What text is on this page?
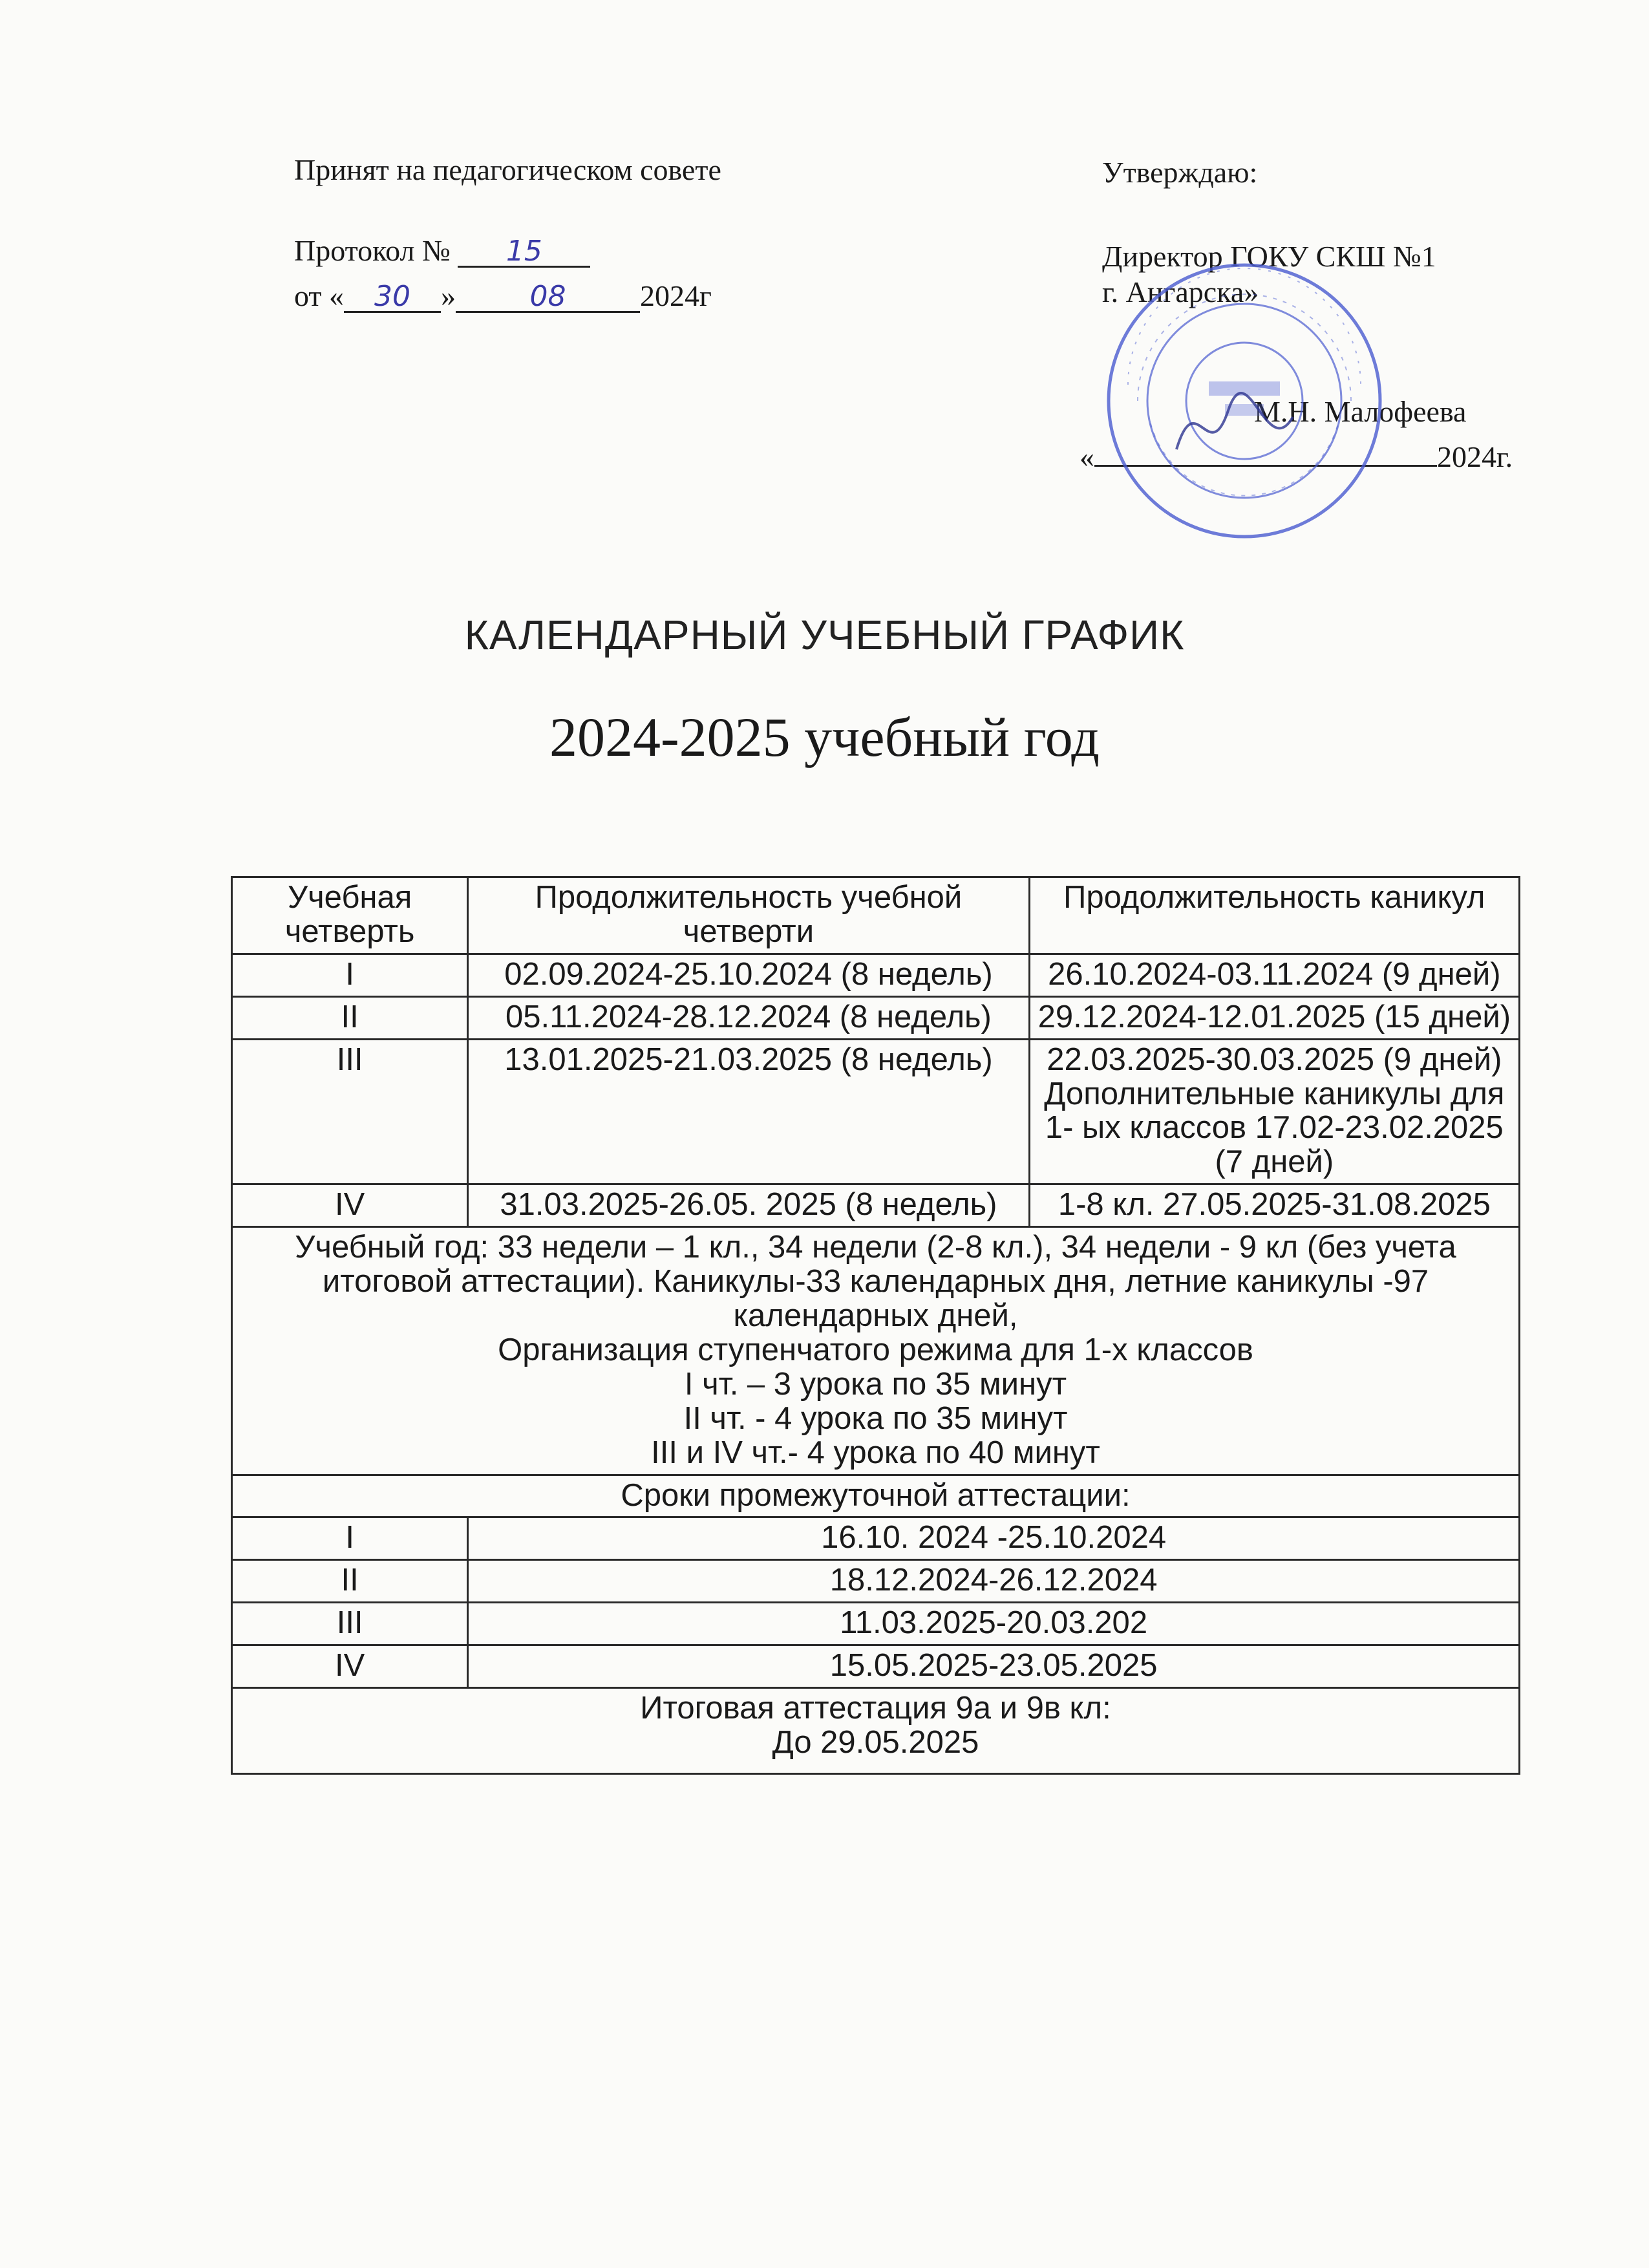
Принят на педагогическом совете
Протокол № 15
от « 30 »	08 2024г
Утверждаю:
Директор ГОКУ СКШ №1
г. Ангарска»
М.Н. Малофеева
«	2024г.
КАЛЕНДАРНЫЙ УЧЕБНЫЙ ГРАФИК
2024-2025 учебный год
Учебная четверть	Продолжительность учебной четверти	Продолжительность каникул
I	02.09.2024-25.10.2024 (8 недель)	26.10.2024-03.11.2024 (9 дней)
II	05.11.2024-28.12.2024 (8 недель)	29.12.2024-12.01.2025 (15 дней)
III	13.01.2025-21.03.2025 (8 недель)	22.03.2025-30.03.2025 (9 дней)
Дополнительные каникулы для 1- ых классов 17.02-23.02.2025 (7 дней)

IV	31.03.2025-26.05. 2025 (8 недель)	1-8 кл. 27.05.2025-31.08.2025

Учебный год: 33 недели – 1 кл., 34 недели (2-8 кл.), 34 недели - 9 кл (без учета итоговой аттестации). Каникулы-33 календарных дня, летние каникулы -97 календарных дней,
Организация ступенчатого режима для 1-х классов
I чт. – 3 урока по 35 минут
II чт. - 4 урока по 35 минут
III и IV чт.- 4 урока по 40 минут		

Сроки промежуточной аттестации:		
I	16.10. 2024 -25.10.2024	
II	18.12.2024-26.12.2024	
III	11.03.2025-20.03.202	
IV	15.05.2025-23.05.2025	

Итоговая аттестация 9а и 9в кл:
До 29.05.2025		
